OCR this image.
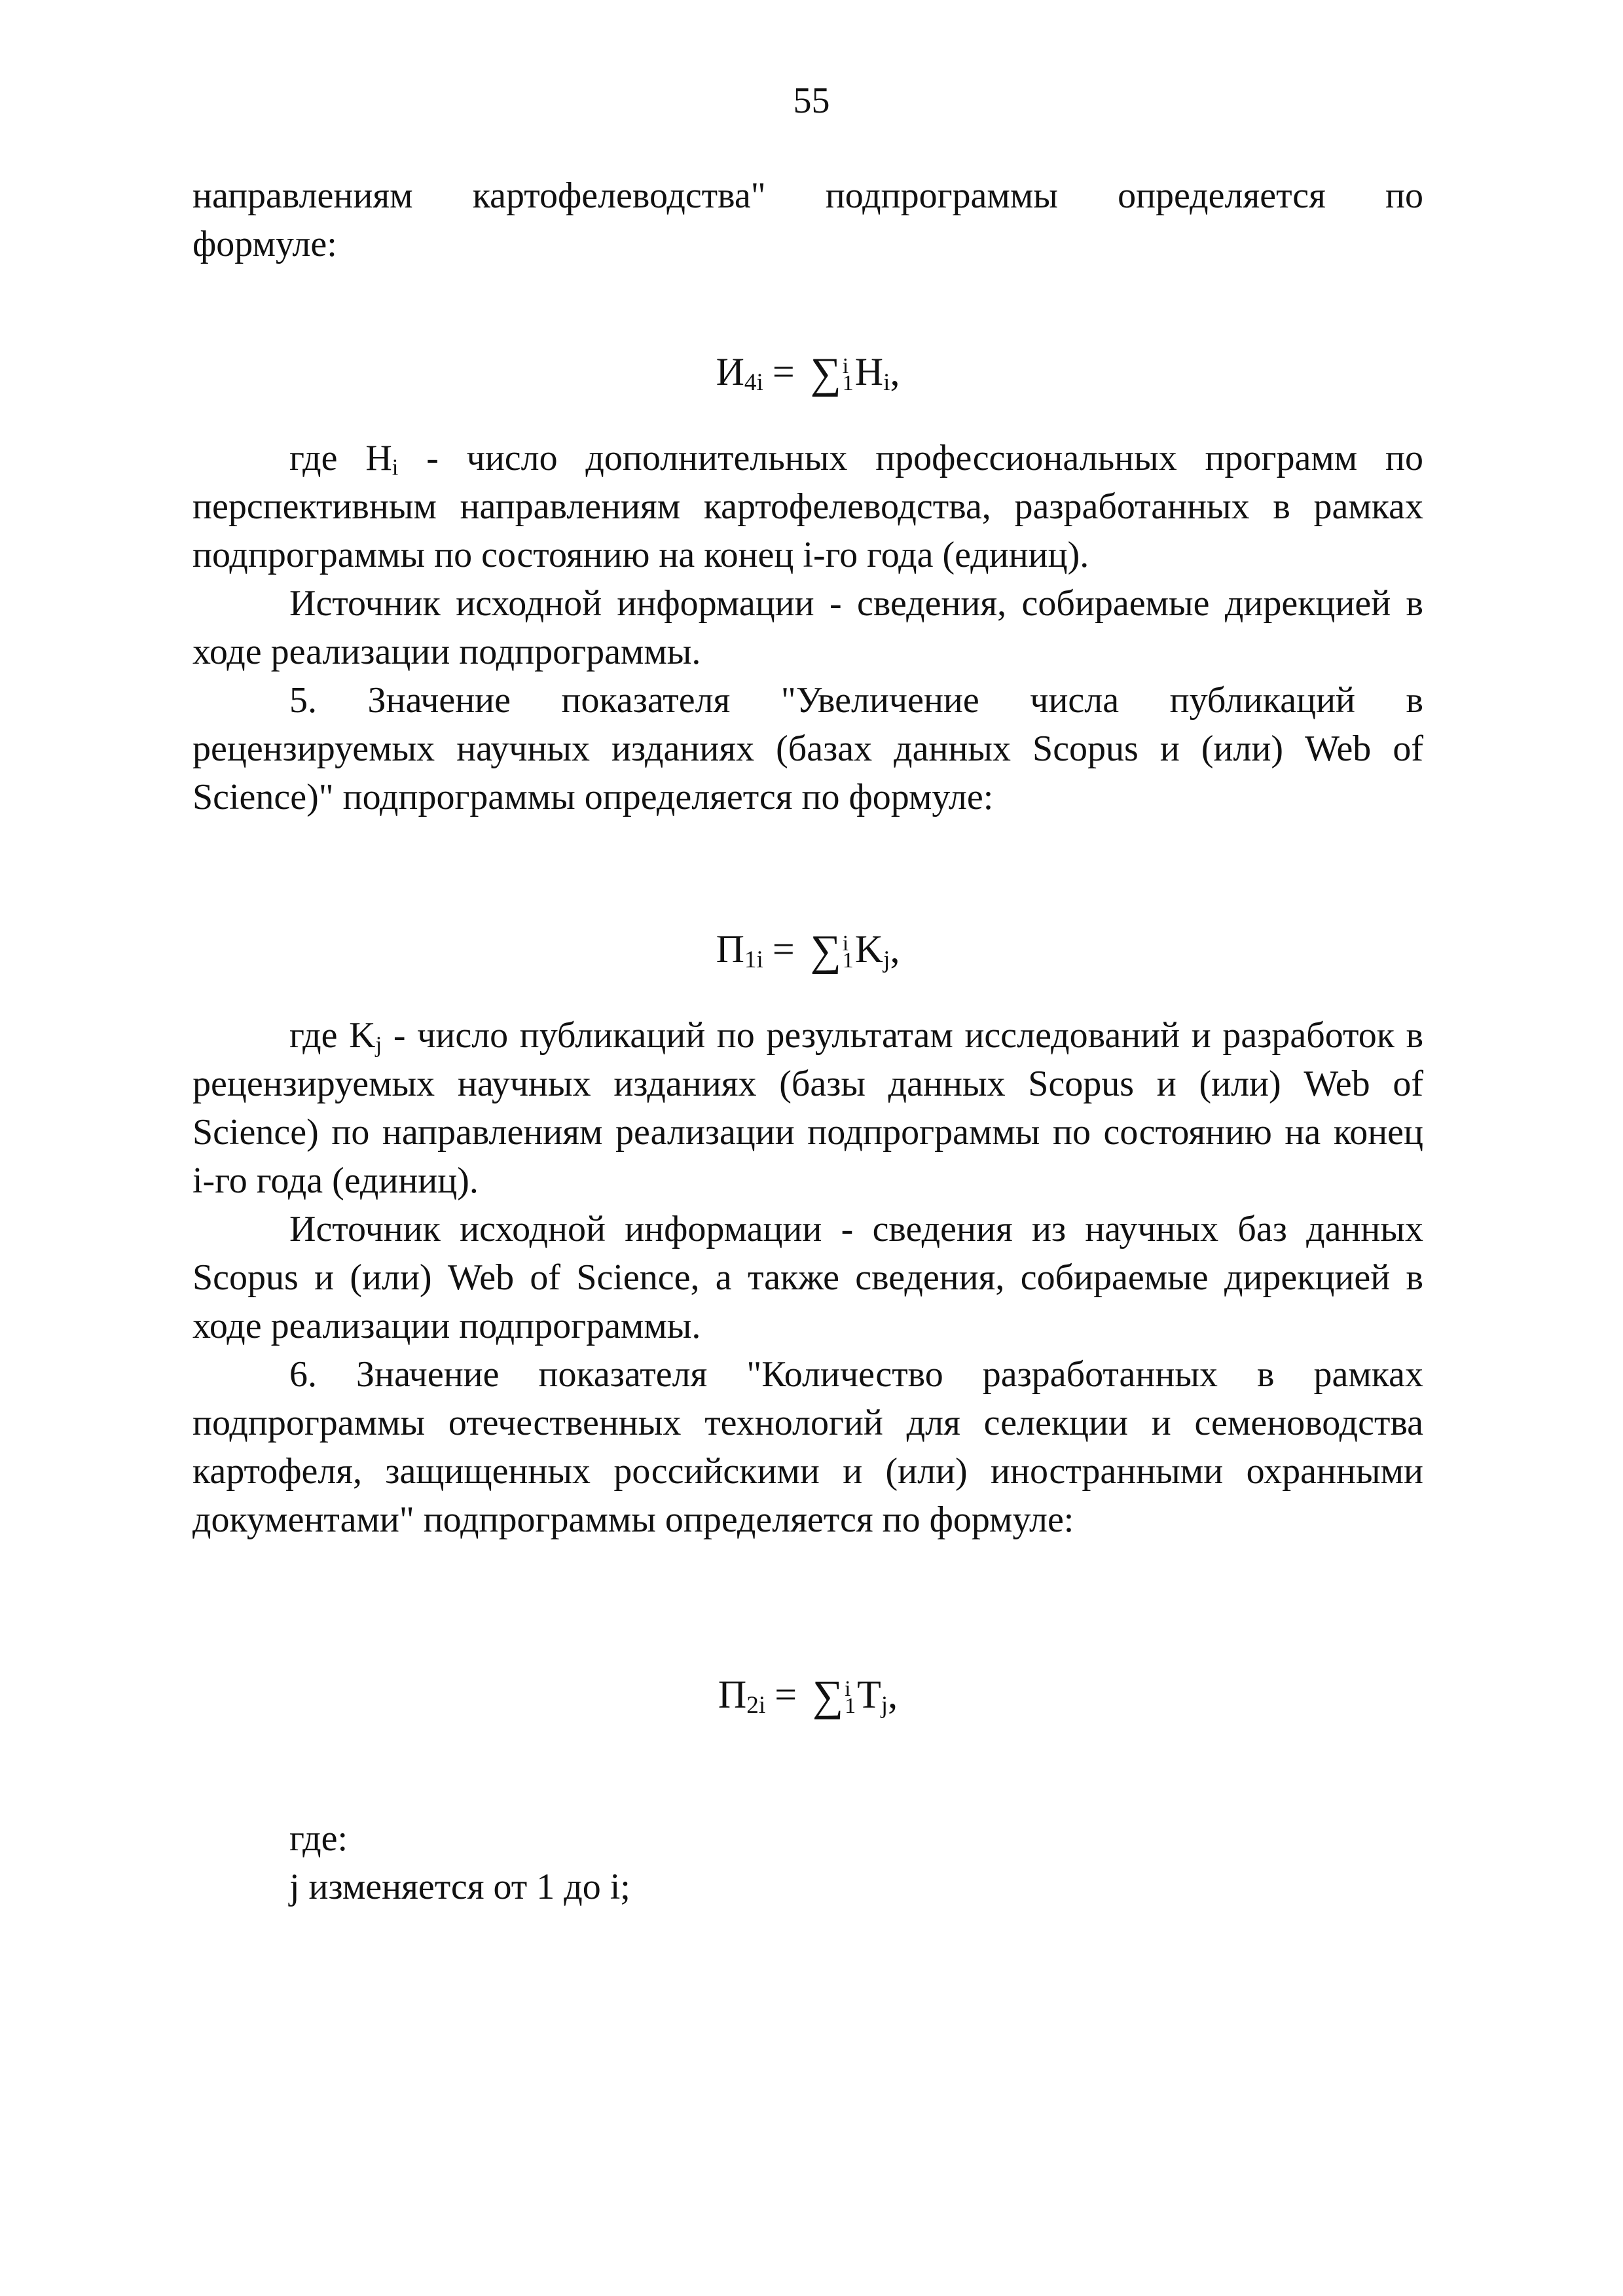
55

направлениям картофелеводства" подпрограммы определяется по

формуле:

$И_{4i}$ = ∑ i
1 $Н_i$,

где $Н_i$ - число дополнительных профессиональных программ по перспективным направлениям картофелеводства, разработанных в рамках подпрограммы по состоянию на конец i-го года (единиц).

Источник исходной информации - сведения, собираемые дирекцией в ходе реализации подпрограммы.

5. Значение показателя "Увеличение числа публикаций в рецензируемых научных изданиях (базах данных Scopus и (или) Web of Science)" подпрограммы определяется по формуле:

$П_{1i}$ = ∑ i
1 $K_j$,

где $K_j$ - число публикаций по результатам исследований и разработок в рецензируемых научных изданиях (базы данных Scopus и (или) Web of Science) по направлениям реализации подпрограммы по состоянию на конец i-го года (единиц).

Источник исходной информации - сведения из научных баз данных Scopus и (или) Web of Science, а также сведения, собираемые дирекцией в ходе реализации подпрограммы.

6. Значение показателя "Количество разработанных в рамках подпрограммы отечественных технологий для селекции и семеноводства картофеля, защищенных российскими и (или) иностранными охранными документами" подпрограммы определяется по формуле:

$П_{2i}$ = ∑ i
1 $T_j$,

где:

j изменяется от 1 до i;
